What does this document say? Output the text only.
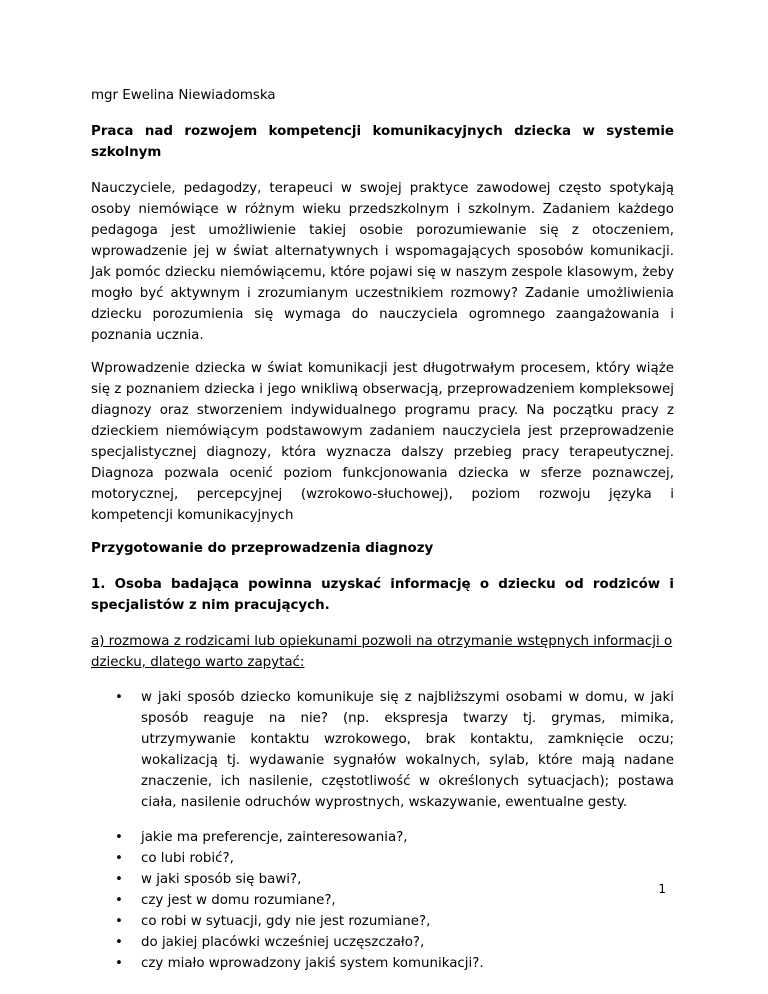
mgr Ewelina Niewiadomska

Praca nad rozwojem kompetencji komunikacyjnych dziecka w systemie szkolnym

Nauczyciele, pedagodzy, terapeuci w swojej praktyce zawodowej często spotykają osoby niemówiące w różnym wieku przedszkolnym i szkolnym. Zadaniem każdego pedagoga jest umożliwienie takiej osobie porozumiewanie się z otoczeniem, wprowadzenie jej w świat alternatywnych i wspomagających sposobów komunikacji. Jak pomóc dziecku niemówiącemu, które pojawi się w naszym zespole klasowym, żeby mogło być aktywnym i zrozumianym uczestnikiem rozmowy? Zadanie umożliwienia dziecku porozumienia się wymaga do nauczyciela ogromnego zaangażowania i poznania ucznia.

Wprowadzenie dziecka w świat komunikacji jest długotrwałym procesem, który wiąże się z poznaniem dziecka i jego wnikliwą obserwacją, przeprowadzeniem kompleksowej diagnozy oraz stworzeniem indywidualnego programu pracy. Na początku pracy z dzieckiem niemówiącym podstawowym zadaniem nauczyciela jest przeprowadzenie specjalistycznej diagnozy, która wyznacza dalszy przebieg pracy terapeutycznej. Diagnoza pozwala ocenić poziom funkcjonowania dziecka w sferze poznawczej, motorycznej, percepcyjnej (wzrokowo-słuchowej), poziom rozwoju języka i kompetencji komunikacyjnych

Przygotowanie do przeprowadzenia diagnozy

1. Osoba badająca powinna uzyskać informację o dziecku od rodziców i specjalistów z nim pracujących.

a) rozmowa z rodzicami lub opiekunami pozwoli na otrzymanie wstępnych informacji o dziecku, dlatego warto zapytać:

• w jaki sposób dziecko komunikuje się z najbliższymi osobami w domu, w jaki sposób reaguje na nie? (np. ekspresja twarzy tj. grymas, mimika, utrzymywanie kontaktu wzrokowego, brak kontaktu, zamknięcie oczu; wokalizacją tj. wydawanie sygnałów wokalnych, sylab, które mają nadane znaczenie, ich nasilenie, częstotliwość w określonych sytuacjach); postawa ciała, nasilenie odruchów wyprostnych, wskazywanie, ewentualne gesty.
• jakie ma preferencje, zainteresowania?,
• co lubi robić?,
• w jaki sposób się bawi?,
• czy jest w domu rozumiane?,
• co robi w sytuacji, gdy nie jest rozumiane?,
• do jakiej placówki wcześniej uczęszczało?,
• czy miało wprowadzony jakiś system komunikacji?.
1
